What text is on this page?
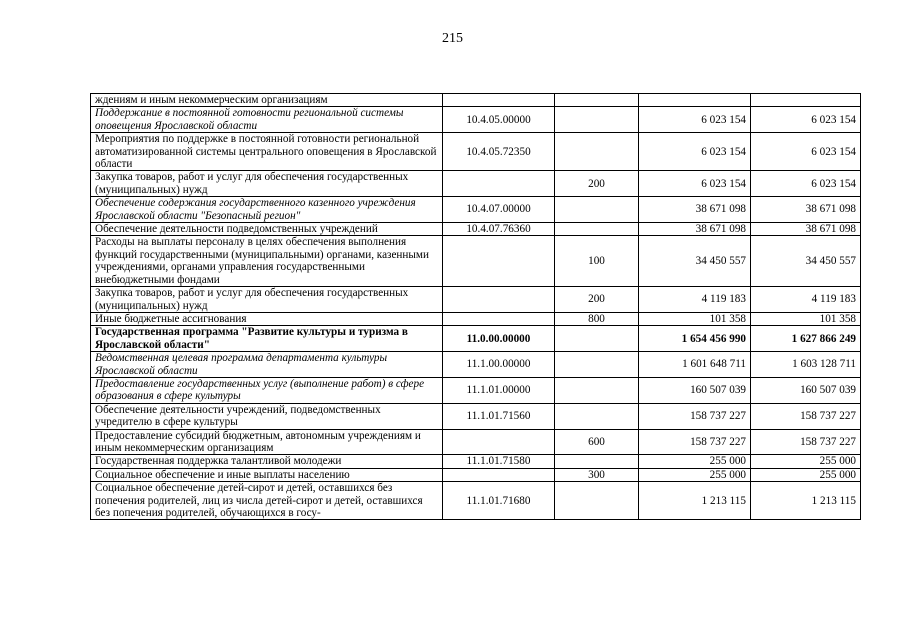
215
ждениям и иным некоммерческим организациям				
Поддержание в постоянной готовности региональной системы оповещения Ярославской области	10.4.05.00000		6 023 154	6 023 154
Мероприятия по поддержке в постоянной готовности региональной автоматизированной системы центрального оповещения в Ярославской области	10.4.05.72350		6 023 154	6 023 154
Закупка товаров, работ и услуг для обеспечения государственных (муниципальных) нужд		200	6 023 154	6 023 154
Обеспечение содержания государственного казенного учреждения Ярославской области "Безопасный регион"	10.4.07.00000		38 671 098	38 671 098
Обеспечение деятельности подведомственных учреждений	10.4.07.76360		38 671 098	38 671 098
Расходы на выплаты персоналу в целях обеспечения выполнения функций государственными (муниципальными) органами, казенными учреждениями, органами управления государственными внебюджетными фондами		100	34 450 557	34 450 557
Закупка товаров, работ и услуг для обеспечения государственных (муниципальных) нужд		200	4 119 183	4 119 183
Иные бюджетные ассигнования		800	101 358	101 358
Государственная программа "Развитие культуры и туризма в Ярославской области"	11.0.00.00000		1 654 456 990	1 627 866 249
Ведомственная целевая программа департамента культуры Ярославской области	11.1.00.00000		1 601 648 711	1 603 128 711
Предоставление государственных услуг (выполнение работ) в сфере образования в сфере культуры	11.1.01.00000		160 507 039	160 507 039
Обеспечение деятельности учреждений, подведомственных учредителю в сфере культуры	11.1.01.71560		158 737 227	158 737 227
Предоставление субсидий бюджетным, автономным учреждениям и иным некоммерческим организациям		600	158 737 227	158 737 227
Государственная поддержка талантливой молодежи	11.1.01.71580		255 000	255 000
Социальное обеспечение и иные выплаты населению		300	255 000	255 000
Социальное обеспечение детей-сирот и детей, оставшихся без попечения родителей, лиц из числа детей-сирот и детей, оставшихся без попечения родителей, обучающихся в госу-	11.1.01.71680		1 213 115	1 213 115
